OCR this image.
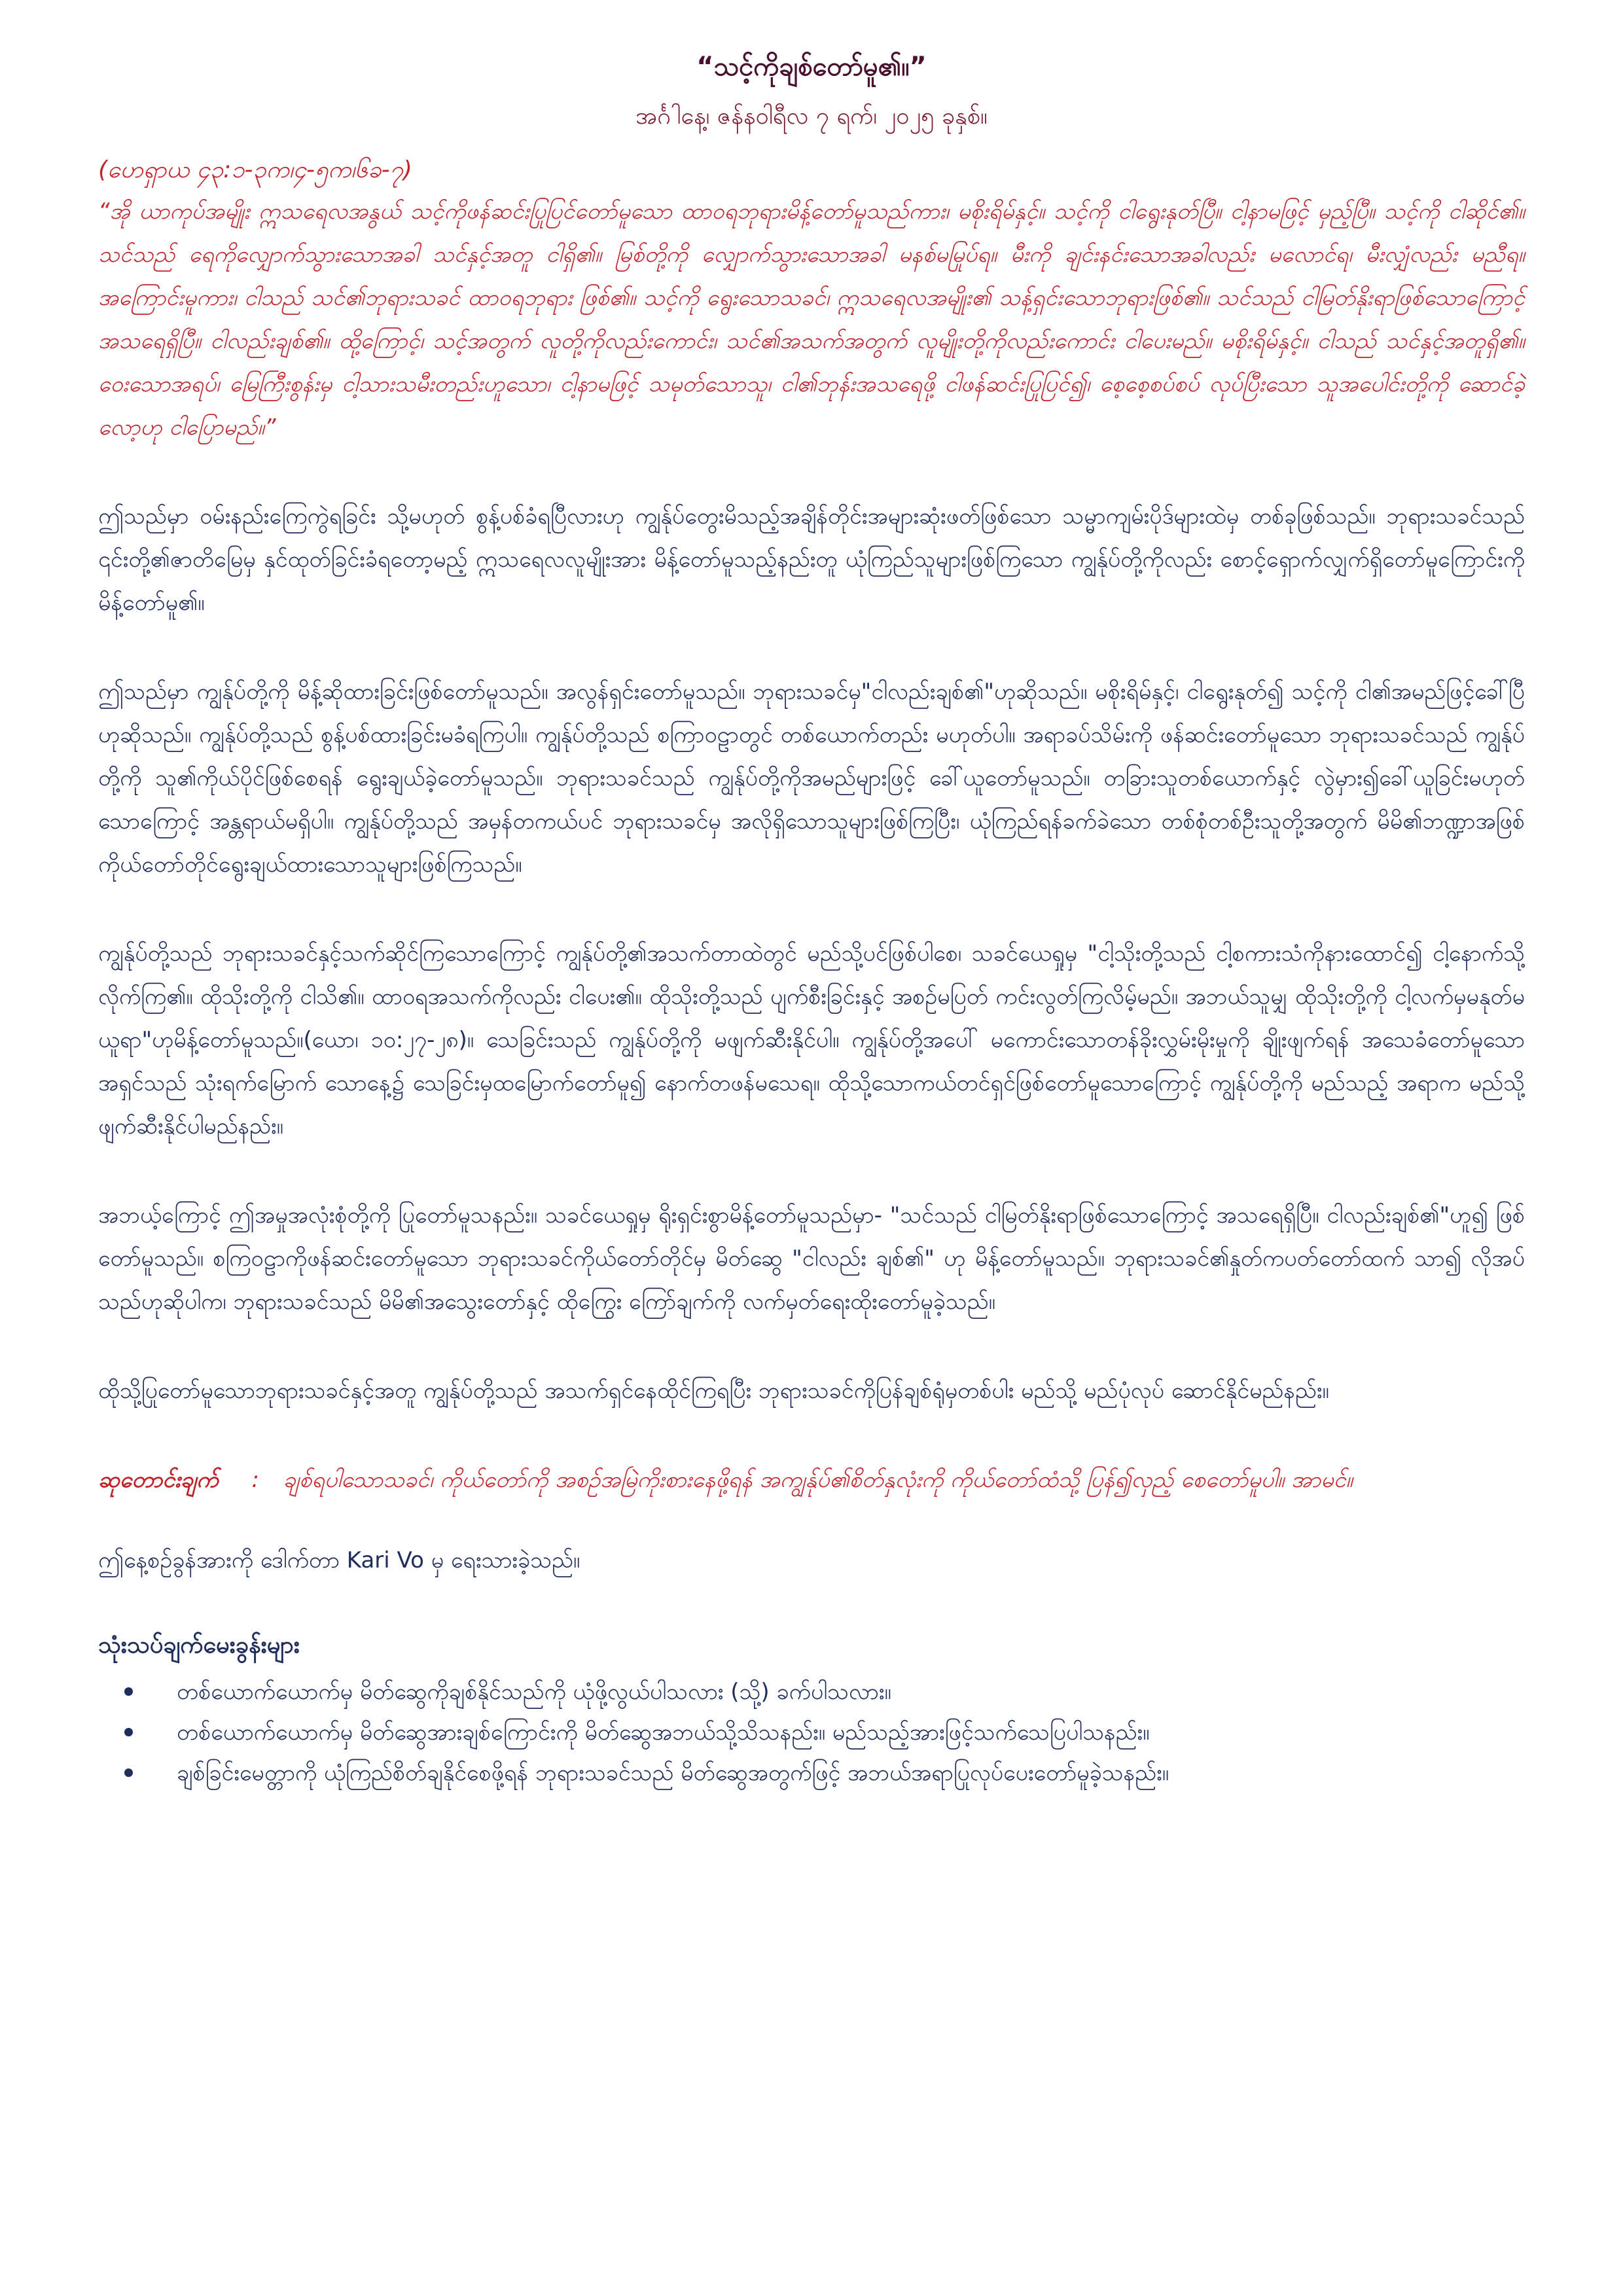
“သင့်ကိုချစ်တော်မူ၏။”
အင်္ဂါနေ့၊ ဇန်နဝါရီလ ၇ ရက်၊ ၂၀၂၅ ခုနှစ်။

(ဟေရှာယ ၄၃:၁-၃က၊၄-၅က၊၆ခ-၇)

“အို ယာကုပ်အမျိုး ဣသရေလအနွယ် သင့်ကိုဖန်ဆင်းပြုပြင်တော်မူသော ထာဝရဘုရားမိန့်တော်မူသည်ကား၊ မစိုးရိမ်နှင့်။ သင့်ကို ငါရွေးနုတ်ပြီ။ ငါ့နာမဖြင့် မှည့်ပြီ။ သင့်ကို ငါဆိုင်၏။ သင်သည် ရေကိုလျှောက်သွားသောအခါ သင်နှင့်အတူ ငါရှိ၏။ မြစ်တို့ကို လျှောက်သွားသောအခါ မနစ်မမြုပ်ရ။ မီးကို ချင်းနင်းသောအခါလည်း မလောင်ရ၊ မီးလျှံလည်း မညီရ။ အကြောင်းမူကား၊ ငါသည် သင်၏ဘုရားသခင် ထာဝရဘုရား ဖြစ်၏။ သင့်ကို ရွေးသောသခင်၊ ဣသရေလအမျိုး၏ သန့်ရှင်းသောဘုရားဖြစ်၏။ သင်သည် ငါမြတ်နိုးရာဖြစ်သောကြောင့် အသရေရှိပြီ။ ငါလည်းချစ်၏။ ထို့ကြောင့်၊ သင့်အတွက် လူတို့ကိုလည်းကောင်း၊ သင်၏အသက်အတွက် လူမျိုးတို့ကိုလည်းကောင်း ငါပေးမည်။ မစိုးရိမ်နှင့်။ ငါသည် သင်နှင့်အတူရှိ၏။ ဝေးသောအရပ်၊ မြေကြီးစွန်းမှ ငါ့သားသမီးတည်းဟူသော၊ ငါ့နာမဖြင့် သမုတ်သောသူ၊ ငါ၏ဘုန်းအသရေဖို့ ငါဖန်ဆင်းပြုပြင်၍၊ စေ့စေ့စပ်စပ် လုပ်ပြီးသော သူအပေါင်းတို့ကို ဆောင်ခဲ့လော့ဟု ငါပြောမည်။”

ဤသည်မှာ ဝမ်းနည်းကြေကွဲရခြင်း သို့မဟုတ် စွန့်ပစ်ခံရပြီလားဟု ကျွန်ုပ်တွေးမိသည့်အချိန်တိုင်းအများဆုံးဖတ်ဖြစ်သော သမ္မာကျမ်းပိုဒ်များထဲမှ တစ်ခုဖြစ်သည်။ ဘုရားသခင်သည် ၎င်းတို့၏ဇာတိမြေမှ နှင်ထုတ်ခြင်းခံရတော့မည့် ဣသရေလလူမျိုးအား မိန့်တော်မူသည့်နည်းတူ ယုံကြည်သူများဖြစ်ကြသော ကျွန်ုပ်တို့ကိုလည်း စောင့်ရှောက်လျှက်ရှိတော်မူကြောင်းကို မိန့်တော်မူ၏။

ဤသည်မှာ ကျွန်ုပ်တို့ကို မိန့်ဆိုထားခြင်းဖြစ်တော်မူသည်။ အလွန်ရှင်းတော်မူသည်။ ဘုရားသခင်မှ"ငါလည်းချစ်၏"ဟုဆိုသည်။ မစိုးရိမ်နှင့်၊ ငါရွေးနုတ်၍ သင့်ကို ငါ၏အမည်ဖြင့်ခေါ်ပြီဟုဆိုသည်။ ကျွန်ုပ်တို့သည် စွန့်ပစ်ထားခြင်းမခံရကြပါ။ ကျွန်ုပ်တို့သည် စကြာဝဠာတွင် တစ်ယောက်တည်း မဟုတ်ပါ။ အရာခပ်သိမ်းကို ဖန်ဆင်းတော်မူသော ဘုရားသခင်သည် ကျွန်ုပ်တို့ကို သူ၏ကိုယ်ပိုင်ဖြစ်စေရန် ရွေးချယ်ခဲ့တော်မူသည်။ ဘုရားသခင်သည် ကျွန်ုပ်တို့ကိုအမည်များဖြင့် ခေါ်ယူတော်မူသည်။ တခြားသူတစ်ယောက်နှင့် လွဲမှား၍ခေါ်ယူခြင်းမဟုတ်သောကြောင့် အန္တရာယ်မရှိပါ။ ကျွန်ုပ်တို့သည် အမှန်တကယ်ပင် ဘုရားသခင်မှ အလိုရှိသောသူများဖြစ်ကြပြီး၊ ယုံကြည်ရန်ခက်ခဲသော တစ်စုံတစ်ဦးသူတို့အတွက် မိမိ၏ဘဏ္ဍာအဖြစ် ကိုယ်တော်တိုင်ရွေးချယ်ထားသောသူများဖြစ်ကြသည်။

ကျွန်ုပ်တို့သည် ဘုရားသခင်နှင့်သက်ဆိုင်ကြသောကြောင့် ကျွန်ုပ်တို့၏အသက်တာထဲတွင် မည်သို့ပင်ဖြစ်ပါစေ၊ သခင်ယေရှုမှ "ငါ့သိုးတို့သည် ငါ့စကားသံကိုနားထောင်၍ ငါ့နောက်သို့လိုက်ကြ၏။ ထိုသိုးတို့ကို ငါသိ၏။ ထာဝရအသက်ကိုလည်း ငါပေး၏။ ထိုသိုးတို့သည် ပျက်စီးခြင်းနှင့် အစဉ်မပြတ် ကင်းလွတ်ကြလိမ့်မည်။ အဘယ်သူမျှ ထိုသိုးတို့ကို ငါ့လက်မှမနုတ်မယူရာ"ဟုမိန့်တော်မူသည်။(ယော၊ ၁၀:၂၇-၂၈)။ သေခြင်းသည် ကျွန်ုပ်တို့ကို မဖျက်ဆီးနိုင်ပါ။ ကျွန်ုပ်တို့အပေါ် မကောင်းသောတန်ခိုးလွှမ်းမိုးမှုကို ချိုးဖျက်ရန် အသေခံတော်မူသောအရှင်သည် သုံးရက်မြောက် သောနေ့၌ သေခြင်းမှထမြောက်တော်မူ၍ နောက်တဖန်မသေရ။ ထိုသို့သောကယ်တင်ရှင်ဖြစ်တော်မူသောကြောင့် ကျွန်ုပ်တို့ကို မည်သည့် အရာက မည်သို့ဖျက်ဆီးနိုင်ပါမည်နည်း။

အဘယ့်ကြောင့် ဤအမှုအလုံးစုံတို့ကို ပြုတော်မူသနည်း။ သခင်ယေရှုမှ ရိုးရှင်းစွာမိန့်တော်မူသည်မှာ- "သင်သည် ငါမြတ်နိုးရာဖြစ်သောကြောင့် အသရေရှိပြီ။ ငါလည်းချစ်၏"ဟူ၍ ဖြစ်တော်မူသည်။ စကြဝဠာကိုဖန်ဆင်းတော်မူသော ဘုရားသခင်ကိုယ်တော်တိုင်မှ မိတ်ဆွေ "ငါလည်း ချစ်၏" ဟု မိန့်တော်မူသည်။ ဘုရားသခင်၏နှုတ်ကပတ်တော်ထက် သာ၍ လိုအပ်သည်ဟုဆိုပါက၊ ဘုရားသခင်သည် မိမိ၏အသွေးတော်နှင့် ထိုကြွေး ကြော်ချက်ကို လက်မှတ်ရေးထိုးတော်မူခဲ့သည်။

ထိုသို့ပြုတော်မူသောဘုရားသခင်နှင့်အတူ ကျွန်ုပ်တို့သည် အသက်ရှင်နေထိုင်ကြရပြီး ဘုရားသခင်ကိုပြန်ချစ်ရုံမှတစ်ပါး မည်သို့ မည်ပုံလုပ် ဆောင်နိုင်မည်နည်း။

ဆုတောင်းချက် : ချစ်ရပါသောသခင်၊ ကိုယ်တော်ကို အစဉ်အမြဲကိုးစားနေဖို့ရန် အကျွန်ုပ်၏စိတ်နှလုံးကို ကိုယ်တော်ထံသို့ ပြန်၍လှည့် စေတော်မူပါ။ အာမင်။

ဤနေ့စဉ်ခွန်အားကို ဒေါက်တာ Kari Vo မှ ရေးသားခဲ့သည်။

သုံးသပ်ချက်မေးခွန်းများ
တစ်ယောက်ယောက်မှ မိတ်ဆွေကိုချစ်နိုင်သည်ကို ယုံဖို့လွယ်ပါသလား (သို့) ခက်ပါသလား။
တစ်ယောက်ယောက်မှ မိတ်ဆွေအားချစ်ကြောင်းကို မိတ်ဆွေအဘယ်သို့သိသနည်း။ မည်သည့်အားဖြင့်သက်သေပြပါသနည်း။
ချစ်ခြင်းမေတ္တာကို ယုံကြည်စိတ်ချနိုင်စေဖို့ရန် ဘုရားသခင်သည် မိတ်ဆွေအတွက်ဖြင့် အဘယ်အရာပြုလုပ်ပေးတော်မူခဲ့သနည်း။
